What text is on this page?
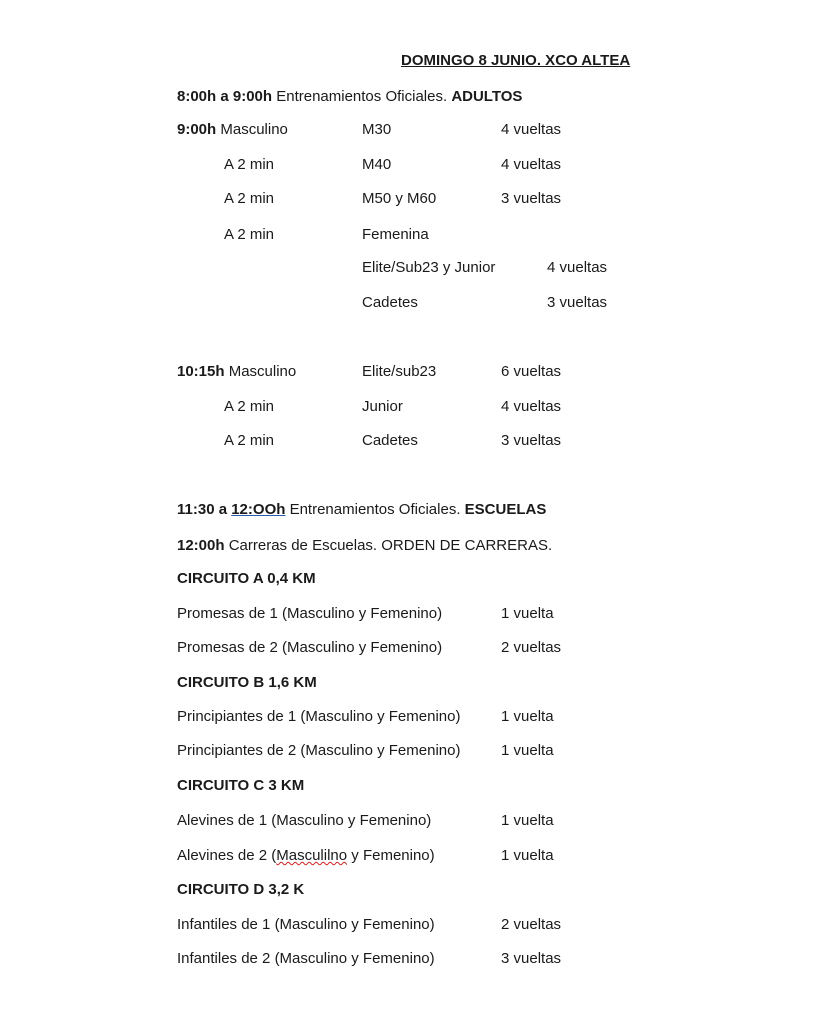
DOMINGO 8 JUNIO. XCO ALTEA
8:00h a 9:00h Entrenamientos Oficiales. ADULTOS
9:00h Masculino	M30	4 vueltas
A 2 min	M40	4 vueltas
A 2 min	M50 y M60	3 vueltas
A 2 min	Femenina
Elite/Sub23 y Junior	4 vueltas
Cadetes	3 vueltas
10:15h Masculino	Elite/sub23	6 vueltas
A 2 min	Junior	4 vueltas
A 2 min	Cadetes	3 vueltas
11:30 a 12:OOh Entrenamientos Oficiales. ESCUELAS
12:00h Carreras de Escuelas. ORDEN DE CARRERAS.
CIRCUITO A 0,4 KM
Promesas de 1 (Masculino y Femenino)	1 vuelta
Promesas de 2 (Masculino y Femenino)	2 vueltas
CIRCUITO B 1,6 KM
Principiantes de 1 (Masculino y Femenino)	1 vuelta
Principiantes de 2 (Masculino y Femenino)	1 vuelta
CIRCUITO C 3 KM
Alevines de 1 (Masculino y Femenino)	1 vuelta
Alevines de 2 (Masculilno y Femenino)	1 vuelta
CIRCUITO D 3,2 K
Infantiles de 1 (Masculino y Femenino)	2 vueltas
Infantiles de 2 (Masculino y Femenino)	3 vueltas
